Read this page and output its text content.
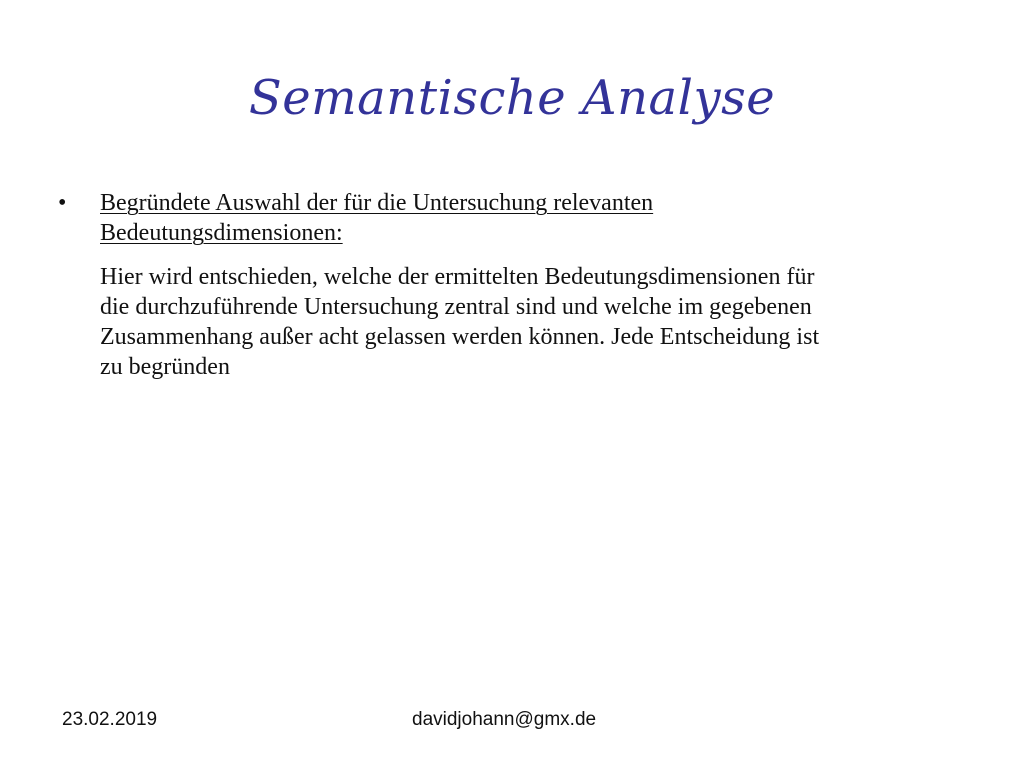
Semantische Analyse
•	Begründete Auswahl der für die Untersuchung relevanten
Bedeutungsdimensionen:
Hier wird entschieden, welche der ermittelten Bedeutungsdimensionen für
die durchzuführende Untersuchung zentral sind und welche im gegebenen
Zusammenhang außer acht gelassen werden können. Jede Entscheidung ist
zu begründen
23.02.2019	davidjohann@gmx.de
